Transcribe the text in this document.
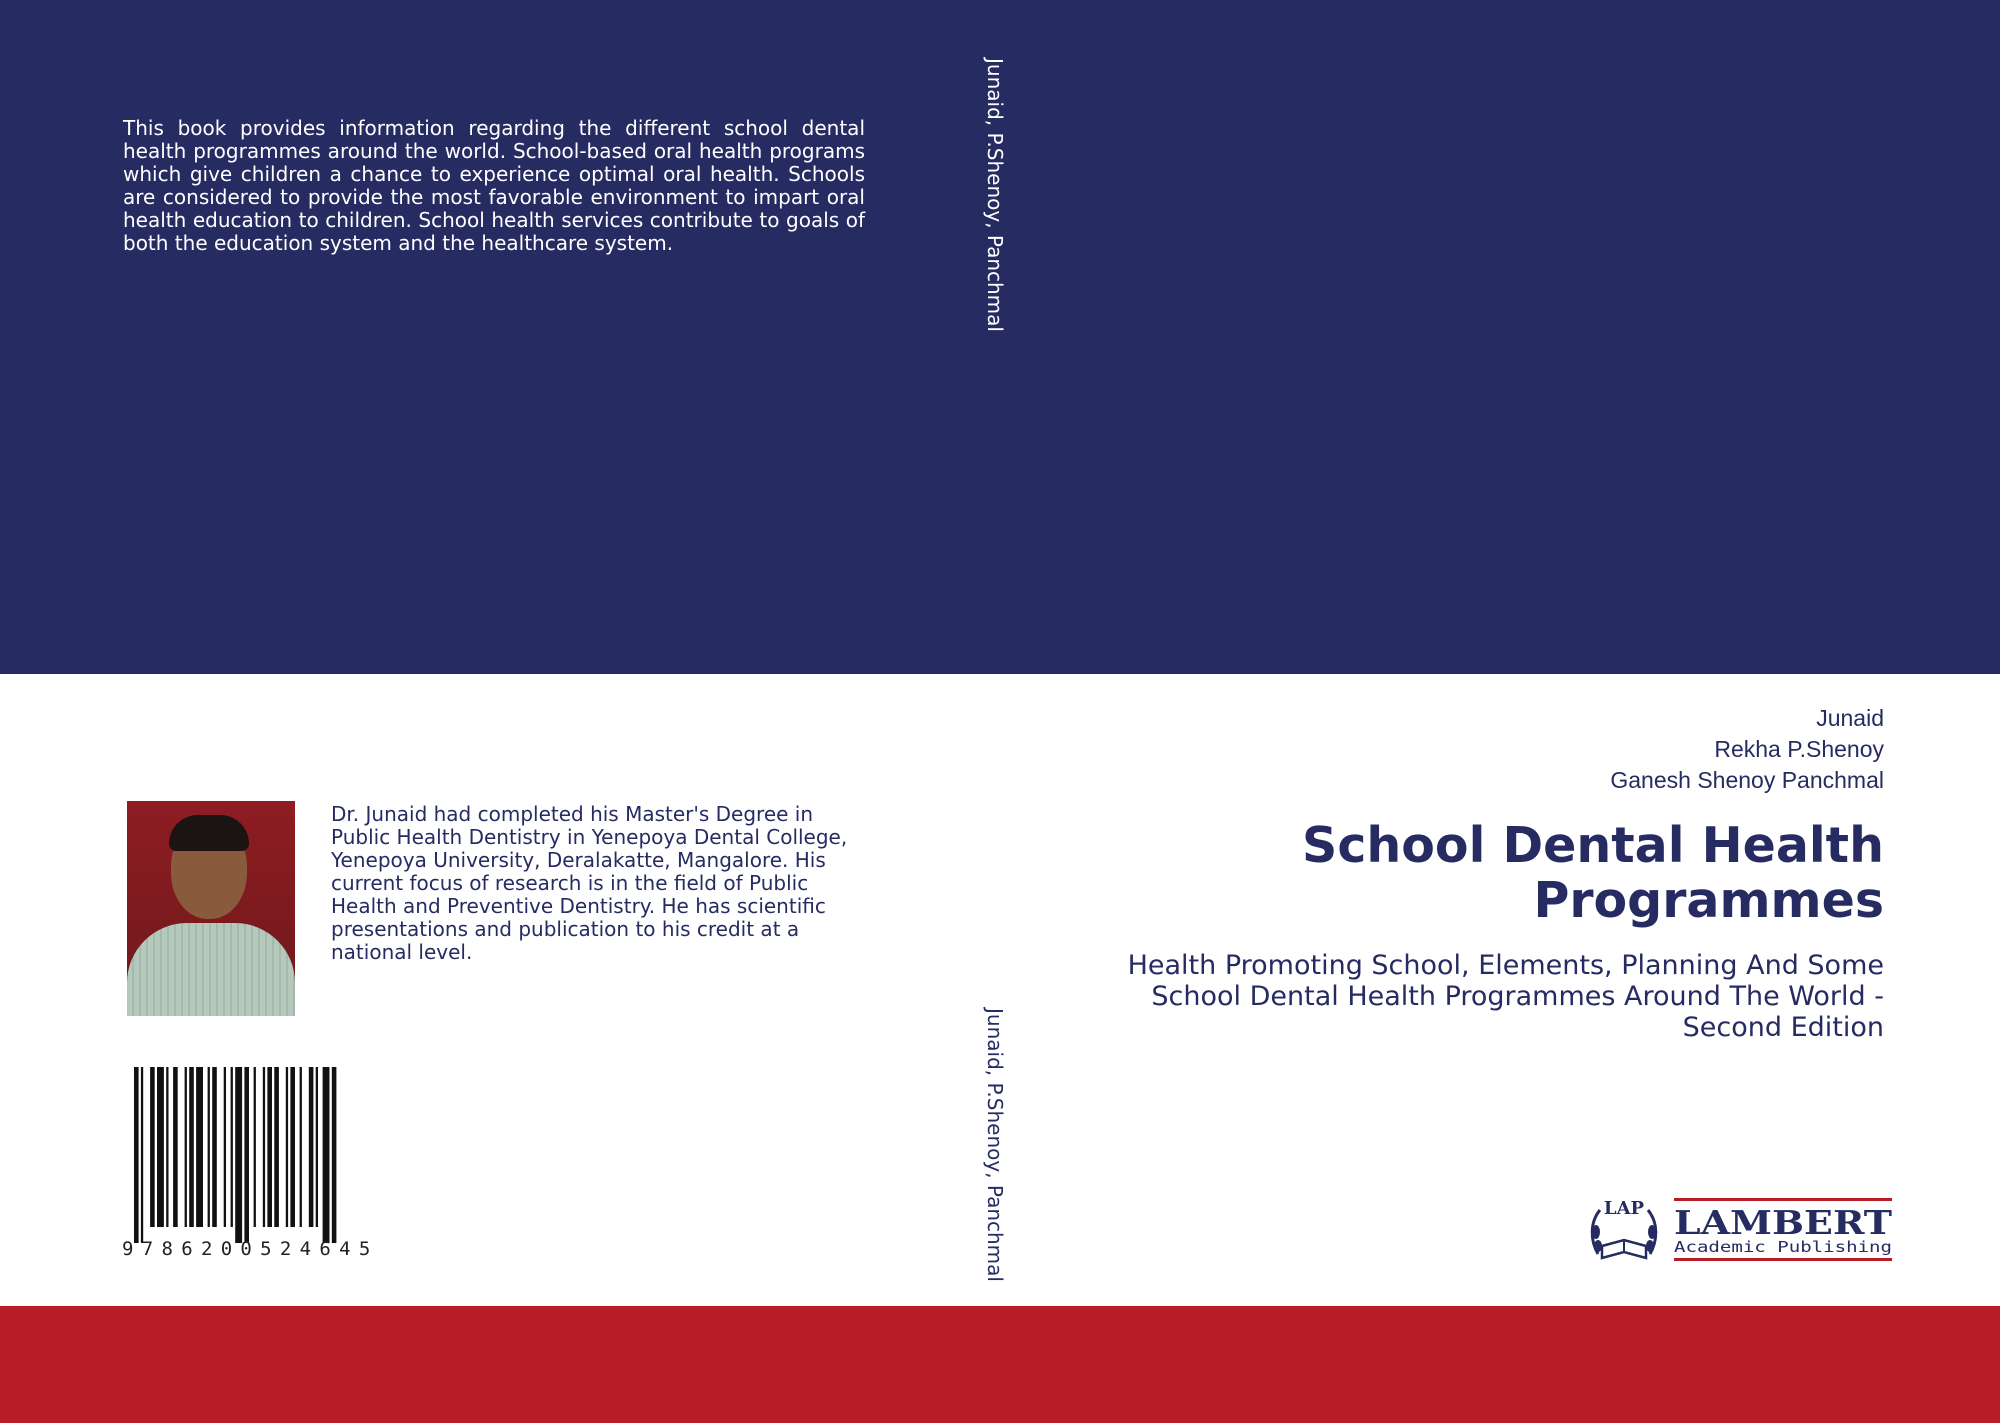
This book provides information regarding the different school dental health programmes around the world. School-based oral health programs which give children a chance to experience optimal oral health. Schools are considered to provide the most favorable environment to impart oral health education to children. School health services contribute to goals of both the education system and the healthcare system.	Junaid, P.Shenoy, Panchmal
Junaid, P.Shenoy, Panchmal
Dr. Junaid had completed his Master's Degree in Public Health Dentistry in Yenepoya Dental College, Yenepoya University, Deralakatte, Mangalore. His current focus of research is in the field of Public Health and Preventive Dentistry. He has scientific presentations and publication to his credit at a national level.
9786200524645
Junaid
Rekha P.Shenoy
Ganesh Shenoy Panchmal
School Dental Health
Programmes
Health Promoting School, Elements, Planning And Some School Dental Health Programmes Around The World - Second Edition
LAP LAMBERT
Academic Publishing
